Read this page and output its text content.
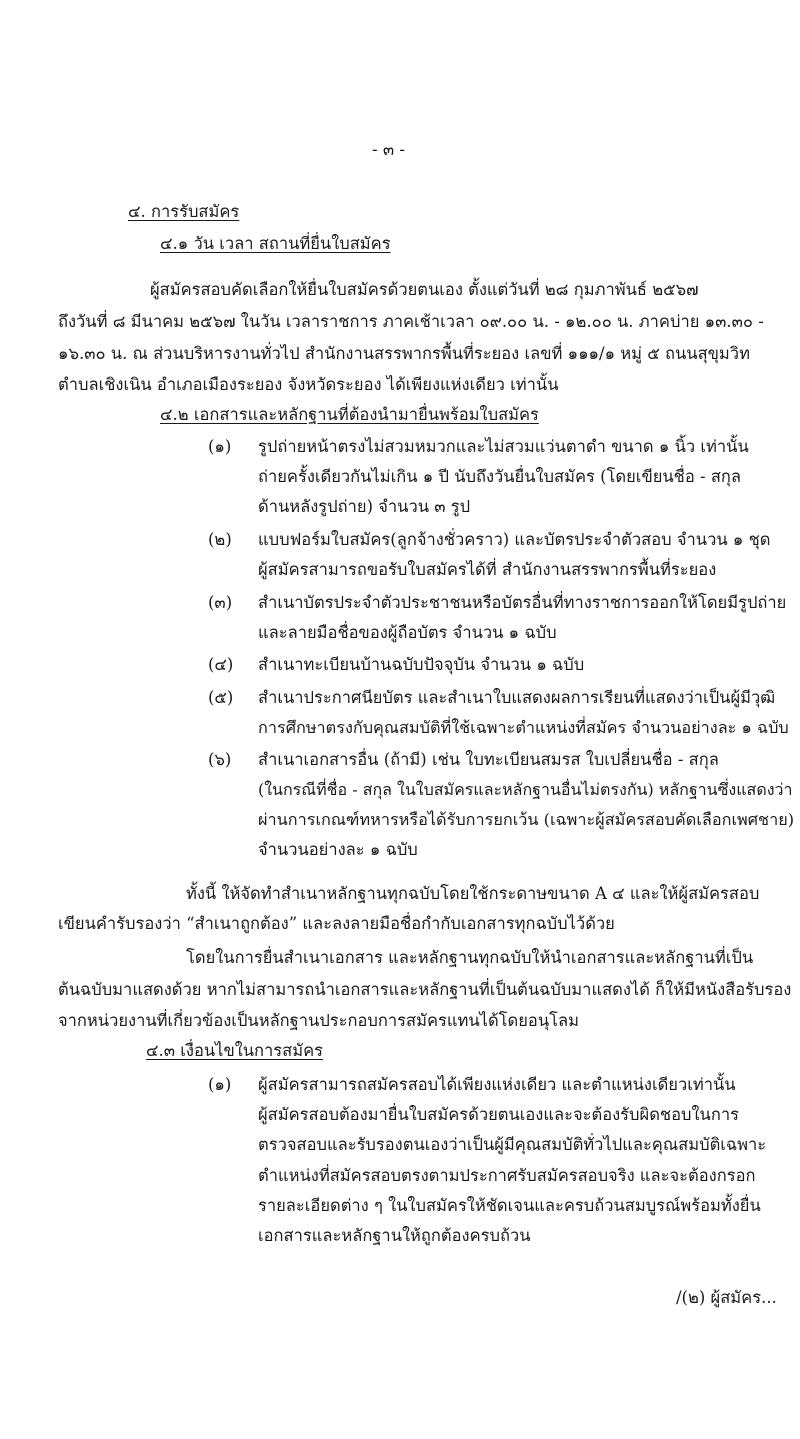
- ๓ -
๔. การรับสมัคร
๔.๑ วัน เวลา สถานที่ยื่นใบสมัคร
ผู้สมัครสอบคัดเลือกให้ยื่นใบสมัครด้วยตนเอง ตั้งแต่วันที่ ๒๘ กุมภาพันธ์ ๒๕๖๗
ถึงวันที่ ๘ มีนาคม ๒๕๖๗ ในวัน เวลาราชการ ภาคเช้าเวลา ๐๙.๐๐ น. - ๑๒.๐๐ น. ภาคบ่าย ๑๓.๓๐ -
๑๖.๓๐ น. ณ ส่วนบริหารงานทั่วไป สำนักงานสรรพากรพื้นที่ระยอง เลขที่ ๑๑๑/๑ หมู่ ๕ ถนนสุขุมวิท
ตำบลเชิงเนิน อำเภอเมืองระยอง จังหวัดระยอง ได้เพียงแห่งเดียว เท่านั้น
๔.๒ เอกสารและหลักฐานที่ต้องนำมายื่นพร้อมใบสมัคร
(๑) รูปถ่ายหน้าตรงไม่สวมหมวกและไม่สวมแว่นตาดำ ขนาด ๑ นิ้ว เท่านั้น
ถ่ายครั้งเดียวกันไม่เกิน ๑ ปี นับถึงวันยื่นใบสมัคร (โดยเขียนชื่อ - สกุล
ด้านหลังรูปถ่าย) จำนวน ๓ รูป
(๒) แบบฟอร์มใบสมัคร(ลูกจ้างชั่วคราว) และบัตรประจำตัวสอบ จำนวน ๑ ชุด
ผู้สมัครสามารถขอรับใบสมัครได้ที่ สำนักงานสรรพากรพื้นที่ระยอง
(๓) สำเนาบัตรประจำตัวประชาชนหรือบัตรอื่นที่ทางราชการออกให้โดยมีรูปถ่าย
และลายมือชื่อของผู้ถือบัตร จำนวน ๑ ฉบับ
(๔) สำเนาทะเบียนบ้านฉบับปัจจุบัน จำนวน ๑ ฉบับ
(๕) สำเนาประกาศนียบัตร และสำเนาใบแสดงผลการเรียนที่แสดงว่าเป็นผู้มีวุฒิ
การศึกษาตรงกับคุณสมบัติที่ใช้เฉพาะตำแหน่งที่สมัคร จำนวนอย่างละ ๑ ฉบับ
(๖) สำเนาเอกสารอื่น (ถ้ามี) เช่น ใบทะเบียนสมรส ใบเปลี่ยนชื่อ - สกุล
(ในกรณีที่ชื่อ - สกุล ในใบสมัครและหลักฐานอื่นไม่ตรงกัน) หลักฐานซึ่งแสดงว่า
ผ่านการเกณฑ์ทหารหรือได้รับการยกเว้น (เฉพาะผู้สมัครสอบคัดเลือกเพศชาย)
จำนวนอย่างละ ๑ ฉบับ
ทั้งนี้ ให้จัดทำสำเนาหลักฐานทุกฉบับโดยใช้กระดาษขนาด A ๔ และให้ผู้สมัครสอบ
เขียนคำรับรองว่า “สำเนาถูกต้อง” และลงลายมือชื่อกำกับเอกสารทุกฉบับไว้ด้วย
โดยในการยื่นสำเนาเอกสาร และหลักฐานทุกฉบับให้นำเอกสารและหลักฐานที่เป็น
ต้นฉบับมาแสดงด้วย หากไม่สามารถนำเอกสารและหลักฐานที่เป็นต้นฉบับมาแสดงได้ ก็ให้มีหนังสือรับรอง
จากหน่วยงานที่เกี่ยวข้องเป็นหลักฐานประกอบการสมัครแทนได้โดยอนุโลม
๔.๓ เงื่อนไขในการสมัคร
(๑) ผู้สมัครสามารถสมัครสอบได้เพียงแห่งเดียว และตำแหน่งเดียวเท่านั้น
ผู้สมัครสอบต้องมายื่นใบสมัครด้วยตนเองและจะต้องรับผิดชอบในการ
ตรวจสอบและรับรองตนเองว่าเป็นผู้มีคุณสมบัติทั่วไปและคุณสมบัติเฉพาะ
ตำแหน่งที่สมัครสอบตรงตามประกาศรับสมัครสอบจริง และจะต้องกรอก
รายละเอียดต่าง ๆ ในใบสมัครให้ชัดเจนและครบถ้วนสมบูรณ์พร้อมทั้งยื่น
เอกสารและหลักฐานให้ถูกต้องครบถ้วน
/(๒) ผู้สมัคร...
